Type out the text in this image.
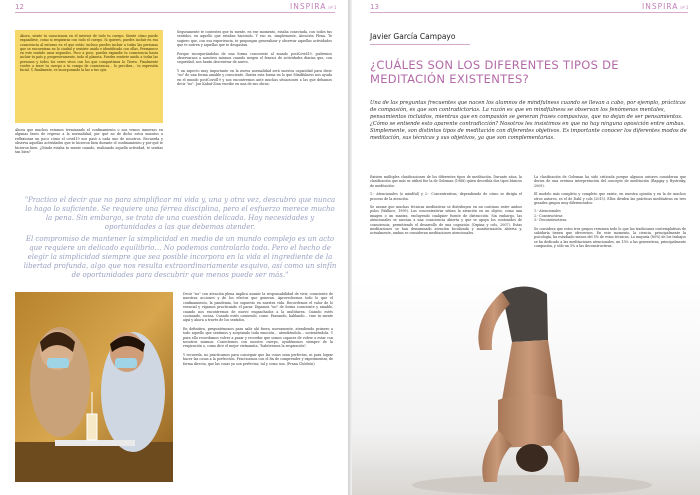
12	INSPIRA nº 1
Ahora, siente tu consciencia en el interior de todo tu cuerpo. Siente cómo puede expandirse, como si respiraras con todo el cuerpo. Si quieres, puedes incluir en esa consciencia al entorno en el que estás: incluso puedes incluir a todas las personas que se encuentran en la ciudad y sentirte unido e identificado con ellas. Permanece en este sentido unos segundos. Poco a poco, puedes expandir tu consciencia hasta incluir tu país y, progresivamente, todo el planeta. Puedes sentirte unido a todas las personas y todos los seres vivos con los que compartimos la Tierra. Finalmente vuelve a traer tu cuerpo a tu campo de consciencia… lo percibes… tu expresión facial. Y, finalmente, ve incorporando la luz a tus ojos.

Ahora que muchos estamos terminando el confinamiento o nos vemos inmersos en algunas fases de regreso a la normalidad, por qué no de dicho estos minutos a reflexionar un poco cómo el covid19 nos pasó a cada uno de nosotros. Recuerda y observa aquellas actividades que te hicieron bien durante el confinamiento y por qué te hicieron bien. ¿Dónde estaba tu mente cuando, realizando aquella actividad, te sentías tan bien?

Seguramente te contestes que tu mente, en ese momento, estaba conectada, con todos tus sentidos, en aquello que estabas haciendo. Y eso es, simplemente, Atención Plena. Te sugiero que, con esa experiencia, te propongas generalizar y observar aquellas actividades que te nutren y aquellas que te desgastan.

Porque incorporándolas de una forma consciente al mundo postCovid19, podremos observarnos a nosotros mismos cuando surgen el fenesci de actividades diarias que, con seguridad, nos harán descentrar de nuevo.

Y un aspecto muy importante en la nueva normalidad será nuestra capacidad para decir "no" de una forma amable y consciente. Ilustra esta forma en lo que Mindfulness nos ayuda en el mundo postCovid19 y nos encontremos ante muchas situaciones a las que debamos decir "no". Jon Kabat-Zinn escribe en una de sus obras:

"Practico el decir que no para simplificar mi vida y, una y otra vez, descubro que nunca lo hago lo suficiente. Se requiere una férrea disciplina, pero el esfuerzo merece mucho la pena. Sin embargo, se trata de una cuestión delicada. Hay necesidades y oportunidades a las que debemos atender.

El compromiso de mantener la simplicidad en medio de un mundo complejo es un acto que requiere un delicado equilibrio… No podemos controlarlo todo. Pero el hecho de elegir la simplicidad siempre que sea posible incorpora en la vida el ingrediente de la libertad profunda, algo que nos resulta extraordinariamente esquivo, así como un sinfín de oportunidades para descubrir que menos puede ser más."

Decir "no" con atención plena implica asumir la responsabilidad de vivir, consciente de nuestras acciones y de los efectos que generan. Aprovechemos todo lo que el confinamiento, la pandemia, los supuesto en nuestra vida. Recordemos el valor de lo esencial y vigamos practicando el parar. Digamos "no" de forma consciente y amable, cuando nos encontremos de nuevo enganchados a la multitarea. Cuando estés cocinando, cocina. Cuando estés comiendo, come. Paseando, hablando… trae tu mente aquí y ahora a través de los sentidos.

En definitiva, preguntémonos para salir ahí fuera, nuevamente, atendiendo primero a todo aquello que sentimos y aceptando toda emoción… atendiéndola… sosteniéndola. Y para ello recordamos volver a parar y recordar que somos capaces de volver a estar con nosotros mismos. Conectemos con nuestro cuerpo, ayudémonos siempre de la respiración o, como dice el mejor vietnamita, "habiteemos la respiración".

Y recuerda, no practicamos para conseguir que las cosas sean perfectas, ni para lograr hacer las cosas a la perfección. Practicamos con el fin de comprender y experimentar, de forma directa, que las cosas ya son perfectas, tal y como son. (Prana Chödrön)

13	INSPIRA nº 1
Javier García Campayo
¿CUÁLES SON LOS DIFERENTES TIPOS DE MEDITACIÓN EXISTENTES?
Una de las preguntas frecuentes que nacen los alumnos de mindfulness cuando se llevan a cabo, por ejemplo, prácticas de compasión, es que son contradictorias. La razón es que en mindfulness se observan los fenómenos mentales, pensamientos incluidos, mientras que en compasión se generan frases compasivas, que no dejan de ser pensamientos. ¿Cómo se entiende esto aparente contradicción? Nosotros les insistimos en que no hay ninguna oposición entre ambas. Simplemente, son distintos tipos de meditación con diferentes objetivos. Es importante conocer los diferentes modos de meditación, sus técnicas y sus objetivos, ya que son complementarias.

Existen múltiples clasificaciones de los diferentes tipos de meditación. Durante años, la clasificación que más se utilizó fue la de Goleman (1988) quien describía dos tipos básicos de meditación:

1.- Atencionales (o mindful) y 2.- Concentrativas, dependiendo de cómo se dirigía el proceso de la atención.

Se asume que muchas técnicas meditativas se distribuyen en un continuo entre ambos polos (Wallace, 1999). Las concentrativas sitúan la atención en un objeto, como una imagen o un mantra, excluyendo cualquier fuente de distracción. Sin embargo, las atencionales se asocian a una consciencia abierta y que se apoya los contenidos de consciencia, permitiendo el desarrollo de una cognición (Ospina y cols, 2007). Estas meditaciones se han denominado atención focalizada y monitorización abierta y, actualmente, ambas se consideran meditaciones atencionales.

La clasificación de Goleman ha sido criticada porque algunos autores consideran que deriva de una errónea interpretación del concepto de meditación (Rapgay y Bystrisky, 2009).

El modelo más completo y completo que existe, en nuestra opinión y en la de muchos otros autores, es el de Dahl y cols (2015). Ellos dividen las prácticas meditativas en tres grandes grupos muy diferenciados:

1.- Atencionales
2.- Constructivas
3.- Deconstructivas.

Se considera que estos tres grupos resumen todo lo que las tradiciones contemplativas de sabiduría tienen que ofrecernos. En este momento, la ciencia, principalmente la psicología, ha estudiado menos del 5% de estas técnicas. La mayoría (80%) de los trabajos se ha dedicado a las meditaciones atencionales, un 15% a las generativas, principalmente compasión, y sólo un 5% a las deconstructivas.
